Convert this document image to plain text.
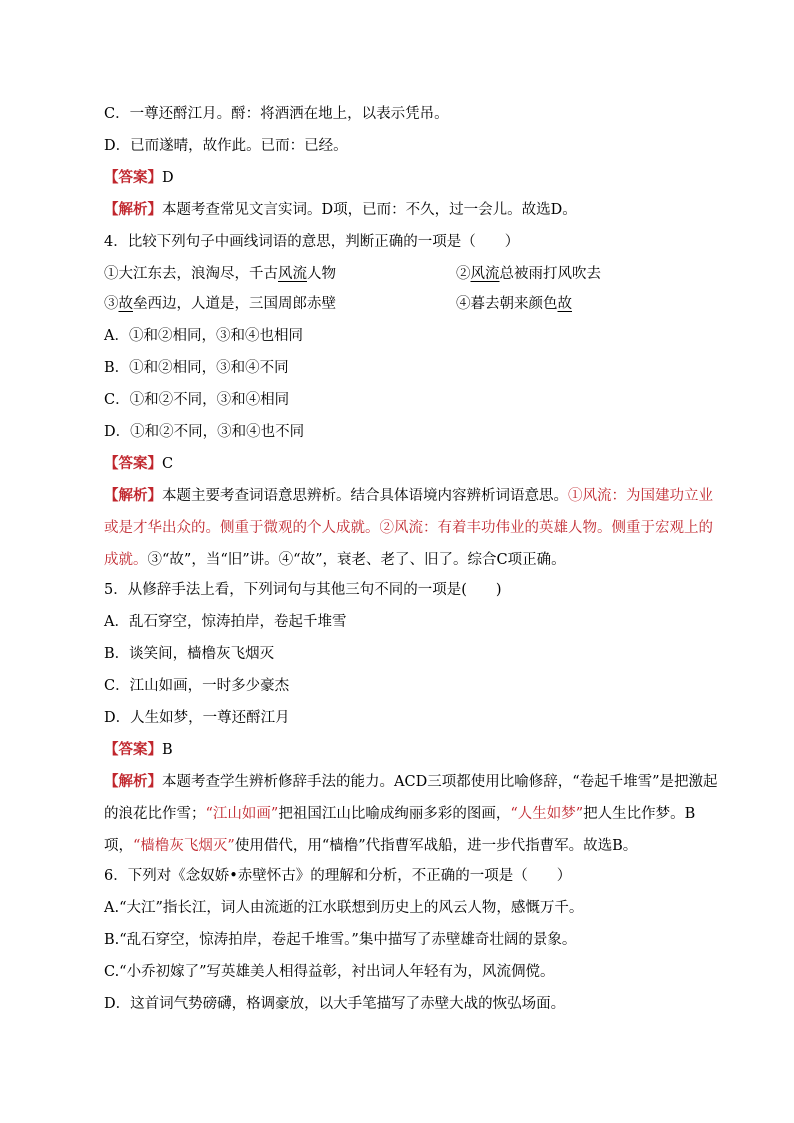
C．一尊还酹江月。酹：将酒洒在地上，以表示凭吊。

D．已而遂晴，故作此。已而：已经。

【答案】D

【解析】本题考查常见文言实词。D项，已而：不久，过一会儿。故选D。

4．比较下列句子中画线词语的意思，判断正确的一项是（　　）

①大江东去，浪淘尽，千古风流人物	②风流总被雨打风吹去

③故垒西边，人道是，三国周郎赤壁	④暮去朝来颜色故

A．①和②相同，③和④也相同

B．①和②相同，③和④不同

C．①和②不同，③和④相同

D．①和②不同，③和④也不同

【答案】C

【解析】本题主要考查词语意思辨析。结合具体语境内容辨析词语意思。①风流：为国建功立业或是才华出众的。侧重于微观的个人成就。②风流：有着丰功伟业的英雄人物。侧重于宏观上的成就。③“故”，当“旧”讲。④“故”，衰老、老了、旧了。综合C项正确。

5．从修辞手法上看，下列词句与其他三句不同的一项是(　　)

A．乱石穿空，惊涛拍岸，卷起千堆雪

B．谈笑间，樯橹灰飞烟灭

C．江山如画，一时多少豪杰

D．人生如梦，一尊还酹江月

【答案】B

【解析】本题考查学生辨析修辞手法的能力。ACD三项都使用比喻修辞，“卷起千堆雪”是把激起的浪花比作雪；“江山如画”把祖国江山比喻成绚丽多彩的图画，“人生如梦”把人生比作梦。B项，“樯橹灰飞烟灭”使用借代，用“樯橹”代指曹军战船，进一步代指曹军。故选B。

6．下列对《念奴娇•赤壁怀古》的理解和分析，不正确的一项是（　　）

A.“大江”指长江，词人由流逝的江水联想到历史上的风云人物，感慨万千。

B.“乱石穿空，惊涛拍岸，卷起千堆雪。”集中描写了赤壁雄奇壮阔的景象。

C.“小乔初嫁了”写英雄美人相得益彰，衬出词人年轻有为，风流倜傥。

D．这首词气势磅礴，格调豪放，以大手笔描写了赤壁大战的恢弘场面。
